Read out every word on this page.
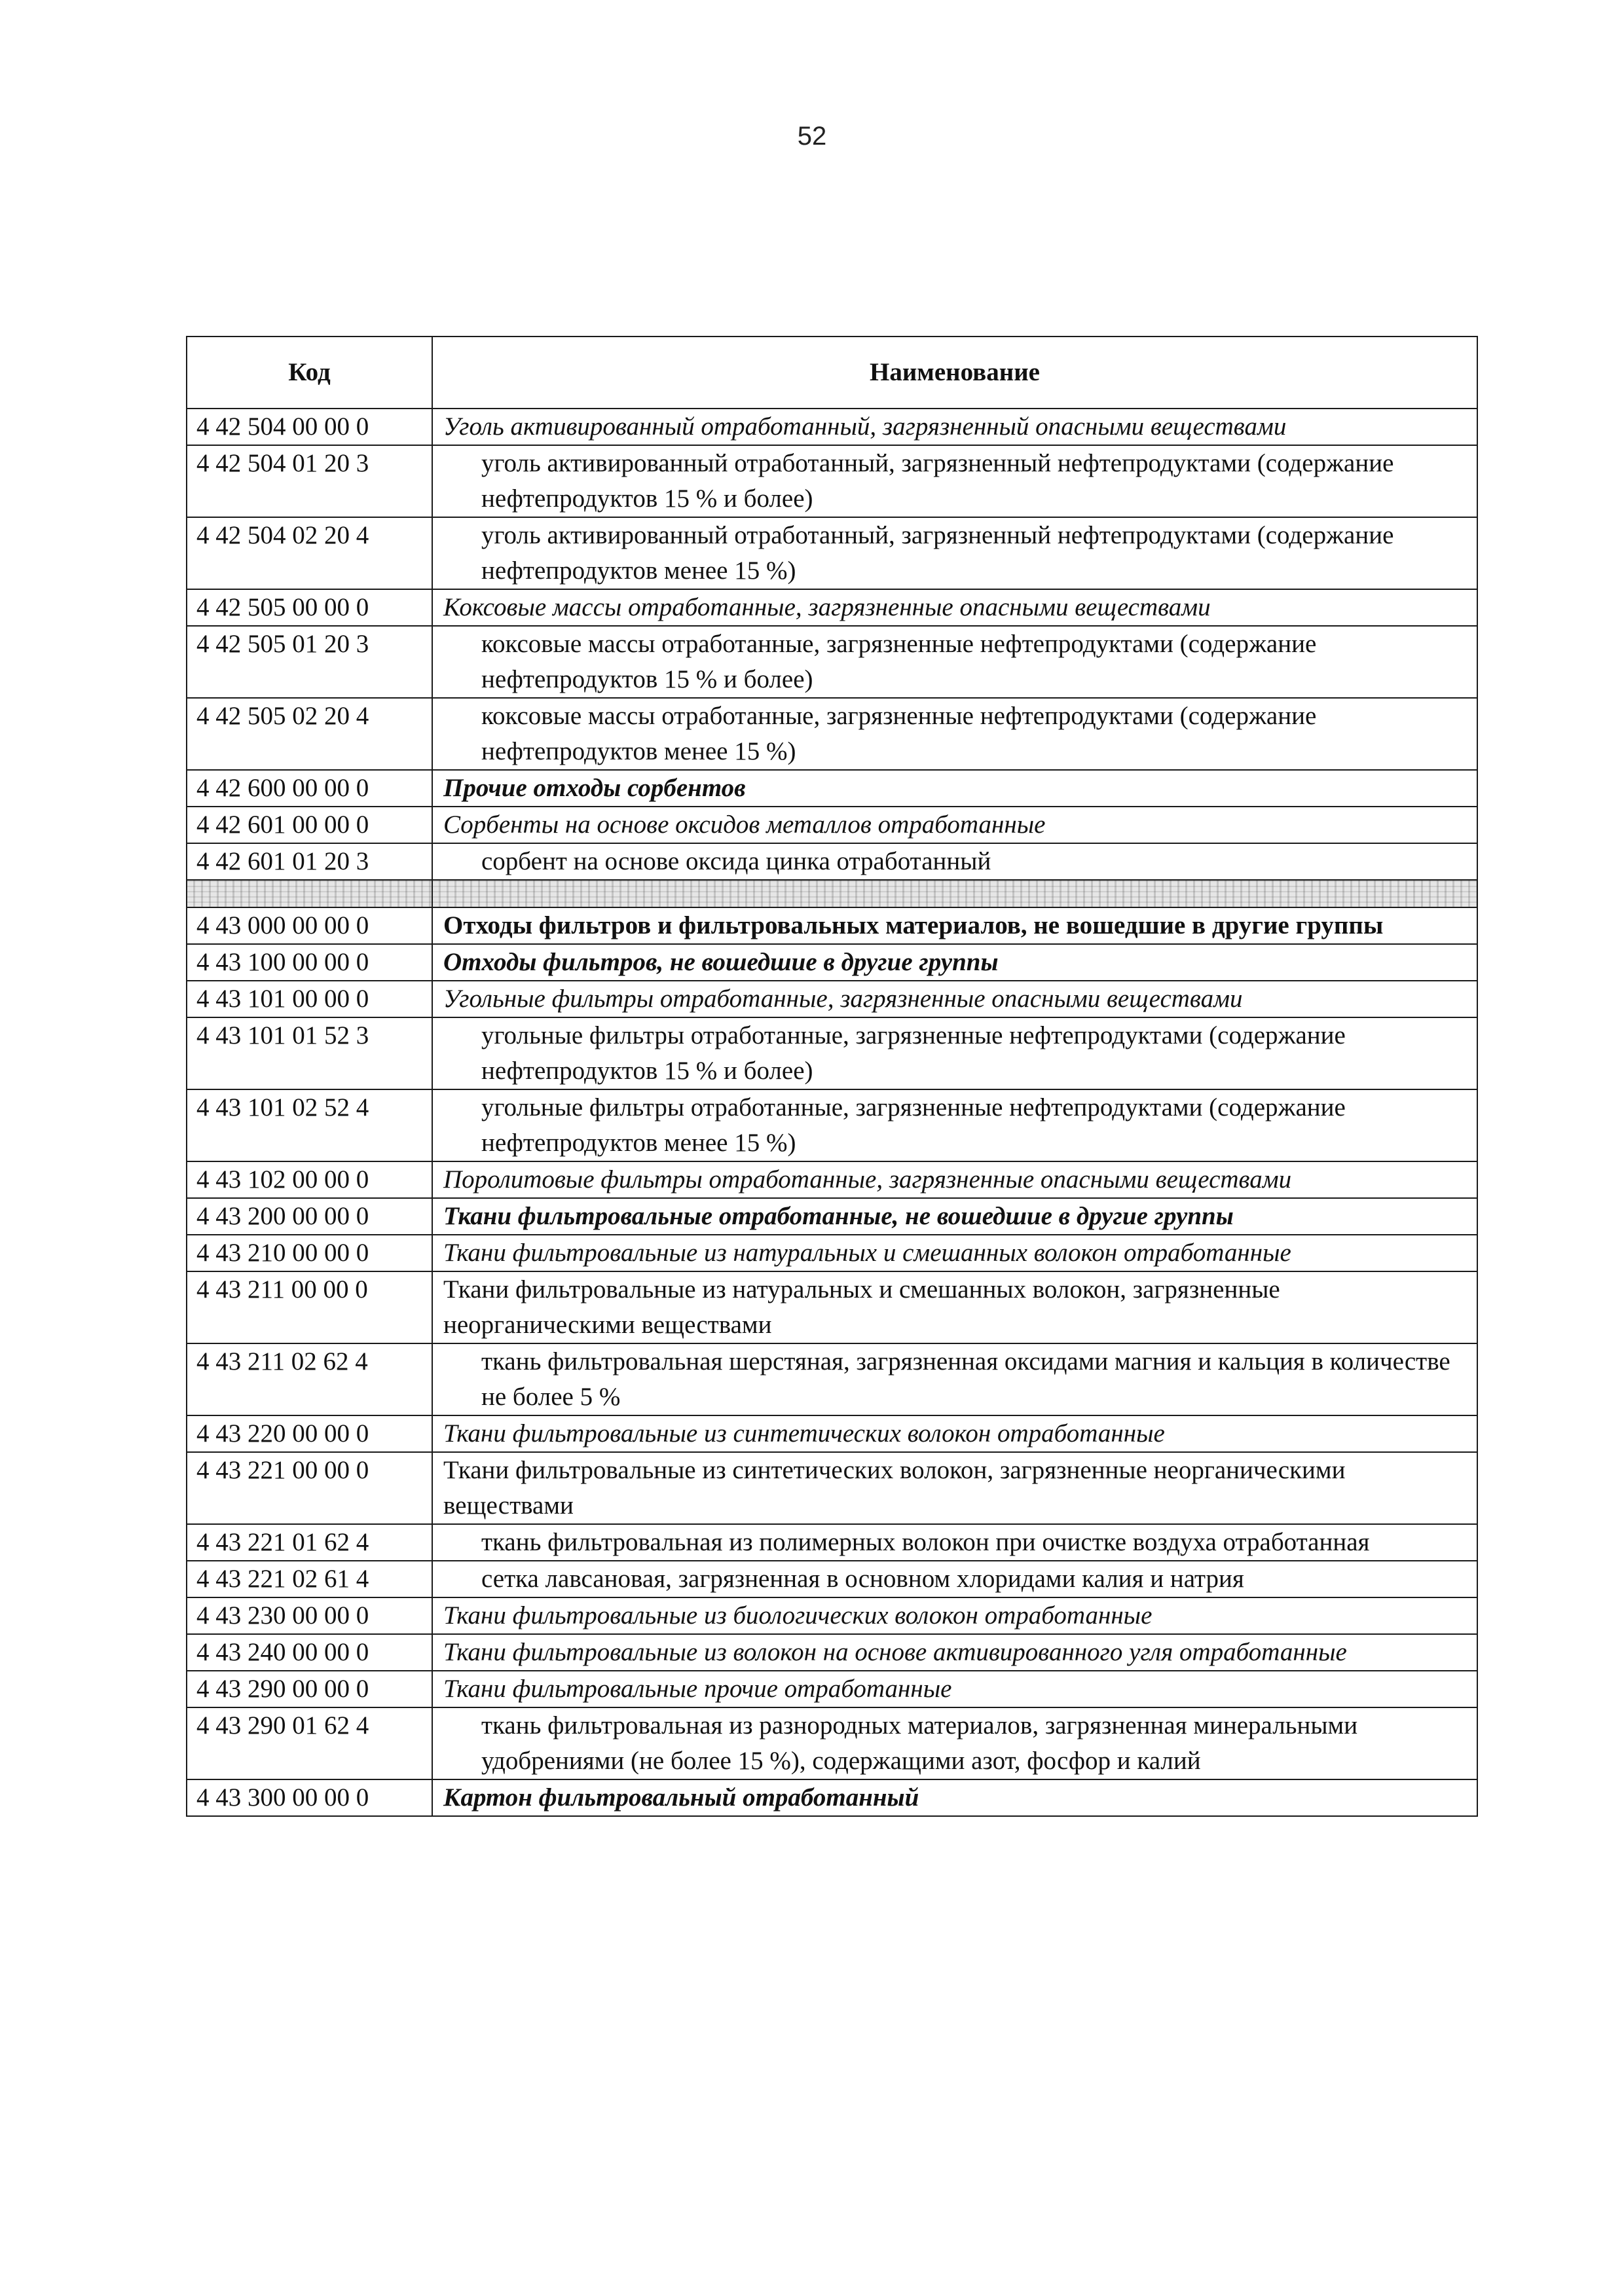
52
Код	Наименование
4 42 504 00 00 0	Уголь активированный отработанный, загрязненный опасными веществами
4 42 504 01 20 3	уголь активированный отработанный, загрязненный нефтепродуктами (содержание нефтепродуктов 15 % и более)
4 42 504 02 20 4	уголь активированный отработанный, загрязненный нефтепродуктами (содержание нефтепродуктов менее 15 %)
4 42 505 00 00 0	Коксовые массы отработанные, загрязненные опасными веществами
4 42 505 01 20 3	коксовые массы отработанные, загрязненные нефтепродуктами (содержание нефтепродуктов 15 % и более)
4 42 505 02 20 4	коксовые массы отработанные, загрязненные нефтепродуктами (содержание нефтепродуктов менее 15 %)
4 42 600 00 00 0	Прочие отходы сорбентов
4 42 601 00 00 0	Сорбенты на основе оксидов металлов отработанные
4 42 601 01 20 3	сорбент на основе оксида цинка отработанный

4 43 000 00 00 0	Отходы фильтров и фильтровальных материалов, не вошедшие в другие группы
4 43 100 00 00 0	Отходы фильтров, не вошедшие в другие группы
4 43 101 00 00 0	Угольные фильтры отработанные, загрязненные опасными веществами
4 43 101 01 52 3	угольные фильтры отработанные, загрязненные нефтепродуктами (содержание нефтепродуктов 15 % и более)
4 43 101 02 52 4	угольные фильтры отработанные, загрязненные нефтепродуктами (содержание нефтепродуктов менее 15 %)
4 43 102 00 00 0	Поролитовые фильтры отработанные, загрязненные опасными веществами
4 43 200 00 00 0	Ткани фильтровальные отработанные, не вошедшие в другие группы
4 43 210 00 00 0	Ткани фильтровальные из натуральных и смешанных волокон отработанные
4 43 211 00 00 0	Ткани фильтровальные из натуральных и смешанных волокон, загрязненные неорганическими веществами
4 43 211 02 62 4	ткань фильтровальная шерстяная, загрязненная оксидами магния и кальция в количестве не более 5 %
4 43 220 00 00 0	Ткани фильтровальные из синтетических волокон отработанные
4 43 221 00 00 0	Ткани фильтровальные из синтетических волокон, загрязненные неорганическими веществами
4 43 221 01 62 4	ткань фильтровальная из полимерных волокон при очистке воздуха отработанная
4 43 221 02 61 4	сетка лавсановая, загрязненная в основном хлоридами калия и натрия
4 43 230 00 00 0	Ткани фильтровальные из биологических волокон отработанные
4 43 240 00 00 0	Ткани фильтровальные из волокон на основе активированного угля отработанные
4 43 290 00 00 0	Ткани фильтровальные прочие отработанные
4 43 290 01 62 4	ткань фильтровальная из разнородных материалов, загрязненная минеральными удобрениями (не более 15 %), содержащими азот, фосфор и калий
4 43 300 00 00 0	Картон фильтровальный отработанный
